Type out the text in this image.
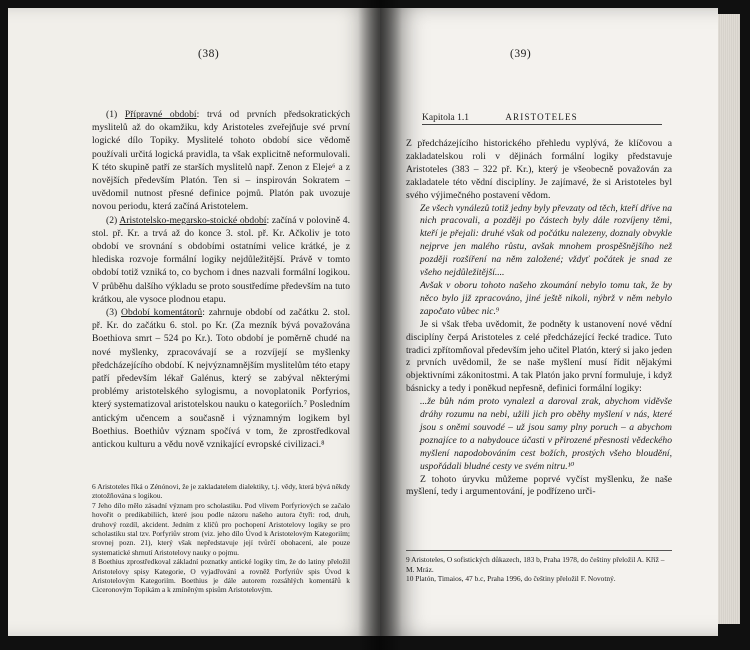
(38)

(1) Přípravné období: trvá od prvních předsokratických myslitelů až do okamžiku, kdy Aristoteles zveřejňuje své první logické dílo Topiky. Myslitelé tohoto období sice vědomě používali určitá logická pravidla, ta však explicitně neformulovali. K této skupině patří ze starších myslitelů např. Zenon z Eleje⁶ a z novějších především Platón. Ten si – inspirován Sokratem – uvědomil nutnost přesné definice pojmů. Platón pak uvozuje novou periodu, která začíná Aristotelem.

(2) Aristotelsko-megarsko-stoické období: začíná v polovině 4. stol. př. Kr. a trvá až do konce 3. stol. př. Kr. Ačkoliv je toto období ve srovnání s obdobími ostatními velice krátké, je z hlediska rozvoje formální logiky nejdůležitější. Právě v tomto období totiž vzniká to, co bychom i dnes nazvali formální logikou. V průběhu dalšího výkladu se proto soustředíme především na tuto krátkou, ale vysoce plodnou etapu.

(3) Období komentátorů: zahrnuje období od začátku 2. stol. př. Kr. do začátku 6. stol. po Kr. (Za mezník bývá považována Boethiova smrt – 524 po Kr.). Toto období je poměrně chudé na nové myšlenky, zpracovávají se a rozvíjejí se myšlenky předcházejícího období. K nejvýznamnějším myslitelům této etapy patří především lékař Galénus, který se zabýval některými problémy aristotelského sylogismu, a novoplatonik Porfyrios, který systematizoval aristotelskou nauku o kategoriích.⁷ Posledním antickým učencem a současně i významným logikem byl Boethius. Boethiův význam spočívá v tom, že zprostředkoval antickou kulturu a vědu nově vznikající evropské civilizaci.⁸

6 Aristoteles říká o Zénónovi, že je zakladatelem dialektiky, t.j. vědy, která bývá někdy ztotožňována s logikou.

7 Jeho dílo mělo zásadní význam pro scholastiku. Pod vlivem Porfyriových se začalo hovořit o predikabiliích, které jsou podle názoru našeho autora čtyři: rod, druh, druhový rozdíl, akcident. Jedním z klíčů pro pochopení Aristotelovy logiky se pro scholastiku stal tzv. Porfyriův strom (viz. jeho dílo Úvod k Aristotelovým Kategoriím; srovnej pozn. 21), který však nepředstavuje její tvůrčí obohacení, ale pouze systematické shrnutí Aristotelovy nauky o pojmu.

8 Boethius zprostředkoval základní poznatky antické logiky tím, že do latiny přeložil Aristotelovy spisy Kategorie, O vyjadřování a rovněž Porfyriův spis Úvod k Aristotelovým Kategoriím. Boethius je dále autorem rozsáhlých komentářů k Ciceronovým Topikám a k zmíněným spisům Aristotelovým.

(39)
Kapitola 1.1	ARISTOTELES

Z předcházejícího historického přehledu vyplývá, že klíčovou a zakladatelskou roli v dějinách formální logiky představuje Aristoteles (383 – 322 př. Kr.), který je všeobecně považován za zakladatele této vědní disciplíny. Je zajímavé, že si Aristoteles byl svého výjimečného postavení vědom.

Ze všech vynálezů totiž jedny byly převzaty od těch, kteří dříve na nich pracovali, a později po částech byly dále rozvíjeny těmi, kteří je přejali: druhé však od počátku nalezeny, doznaly obvykle nejprve jen malého růstu, avšak mnohem prospěšnějšího než později rozšíření na něm založené; vždyť počátek je snad ze všeho nejdůležitější....

Avšak v oboru tohoto našeho zkoumání nebylo tomu tak, že by něco bylo již zpracováno, jiné ještě nikoli, nýbrž v něm nebylo započato vůbec nic.⁹

Je si však třeba uvědomit, že podněty k ustanovení nové vědní disciplíny čerpá Aristoteles z celé předcházející řecké tradice. Tuto tradici zpřítomňoval především jeho učitel Platón, který si jako jeden z prvních uvědomil, že se naše myšlení musí řídit nějakými objektivními zákonitostmi. A tak Platón jako první formuluje, i když básnicky a tedy i poněkud nepřesně, definici formální logiky:

...že bůh nám proto vynalezl a daroval zrak, abychom viděvše dráhy rozumu na nebi, užili jich pro oběhy myšlení v nás, které jsou s oněmi souvodé – už jsou samy plny poruch – a abychom poznajíce to a nabydouce účasti v přirozené přesnosti vědeckého myšlení napodobováním cest božích, prostých všeho bloudění, uspořádali bludné cesty ve svém nitru.¹⁰

Z tohoto úryvku můžeme poprvé vyčíst myšlenku, že naše myšlení, tedy i argumentování, je podřízeno urči-

9 Aristoteles, O sofistických důkazech, 183 b, Praha 1978, do češtiny přeložil A. Kříž – M. Mráz.

10 Platón, Timaios, 47 b.c, Praha 1996, do češtiny přeložil F. Novotný.
